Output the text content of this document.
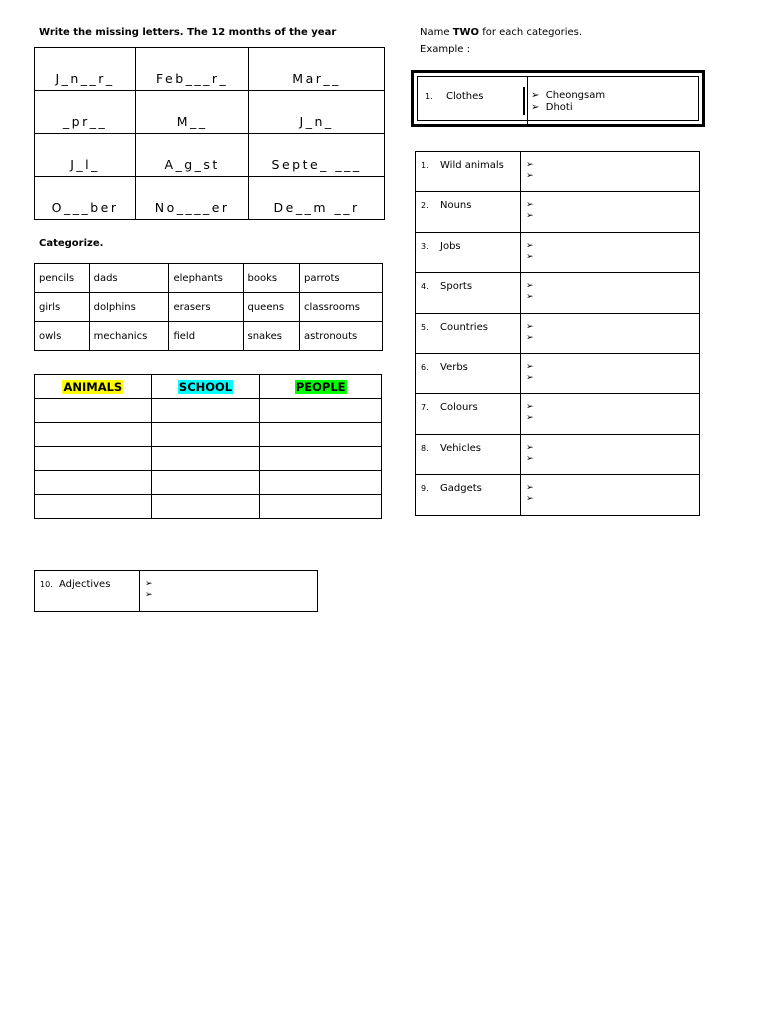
Write the missing letters. The 12 months of the year
J_n__r_	Feb___r_	Mar__
_pr__	M__	J_n_
J_l_	A_g_st	Septe_ ___
O___ber	No____er	De__m __r
Categorize.
pencils	dads	elephants	books	parrots
girls	dolphins	erasers	queens	classrooms
owls	mechanics	field	snakes	astronouts
ANIMALS	SCHOOL	PEOPLE

10. Adjectives	➢
➢
Name TWO for each categories.
Example :
1. Clothes	➢ Cheongsam
➢ Dhoti
1. Wild animals	➢
➢

2. Nouns	➢
➢

3. Jobs	➢
➢

4. Sports	➢
➢

5. Countries	➢
➢

6. Verbs	➢
➢

7. Colours	➢
➢

8. Vehicles	➢
➢

9. Gadgets	➢
➢
